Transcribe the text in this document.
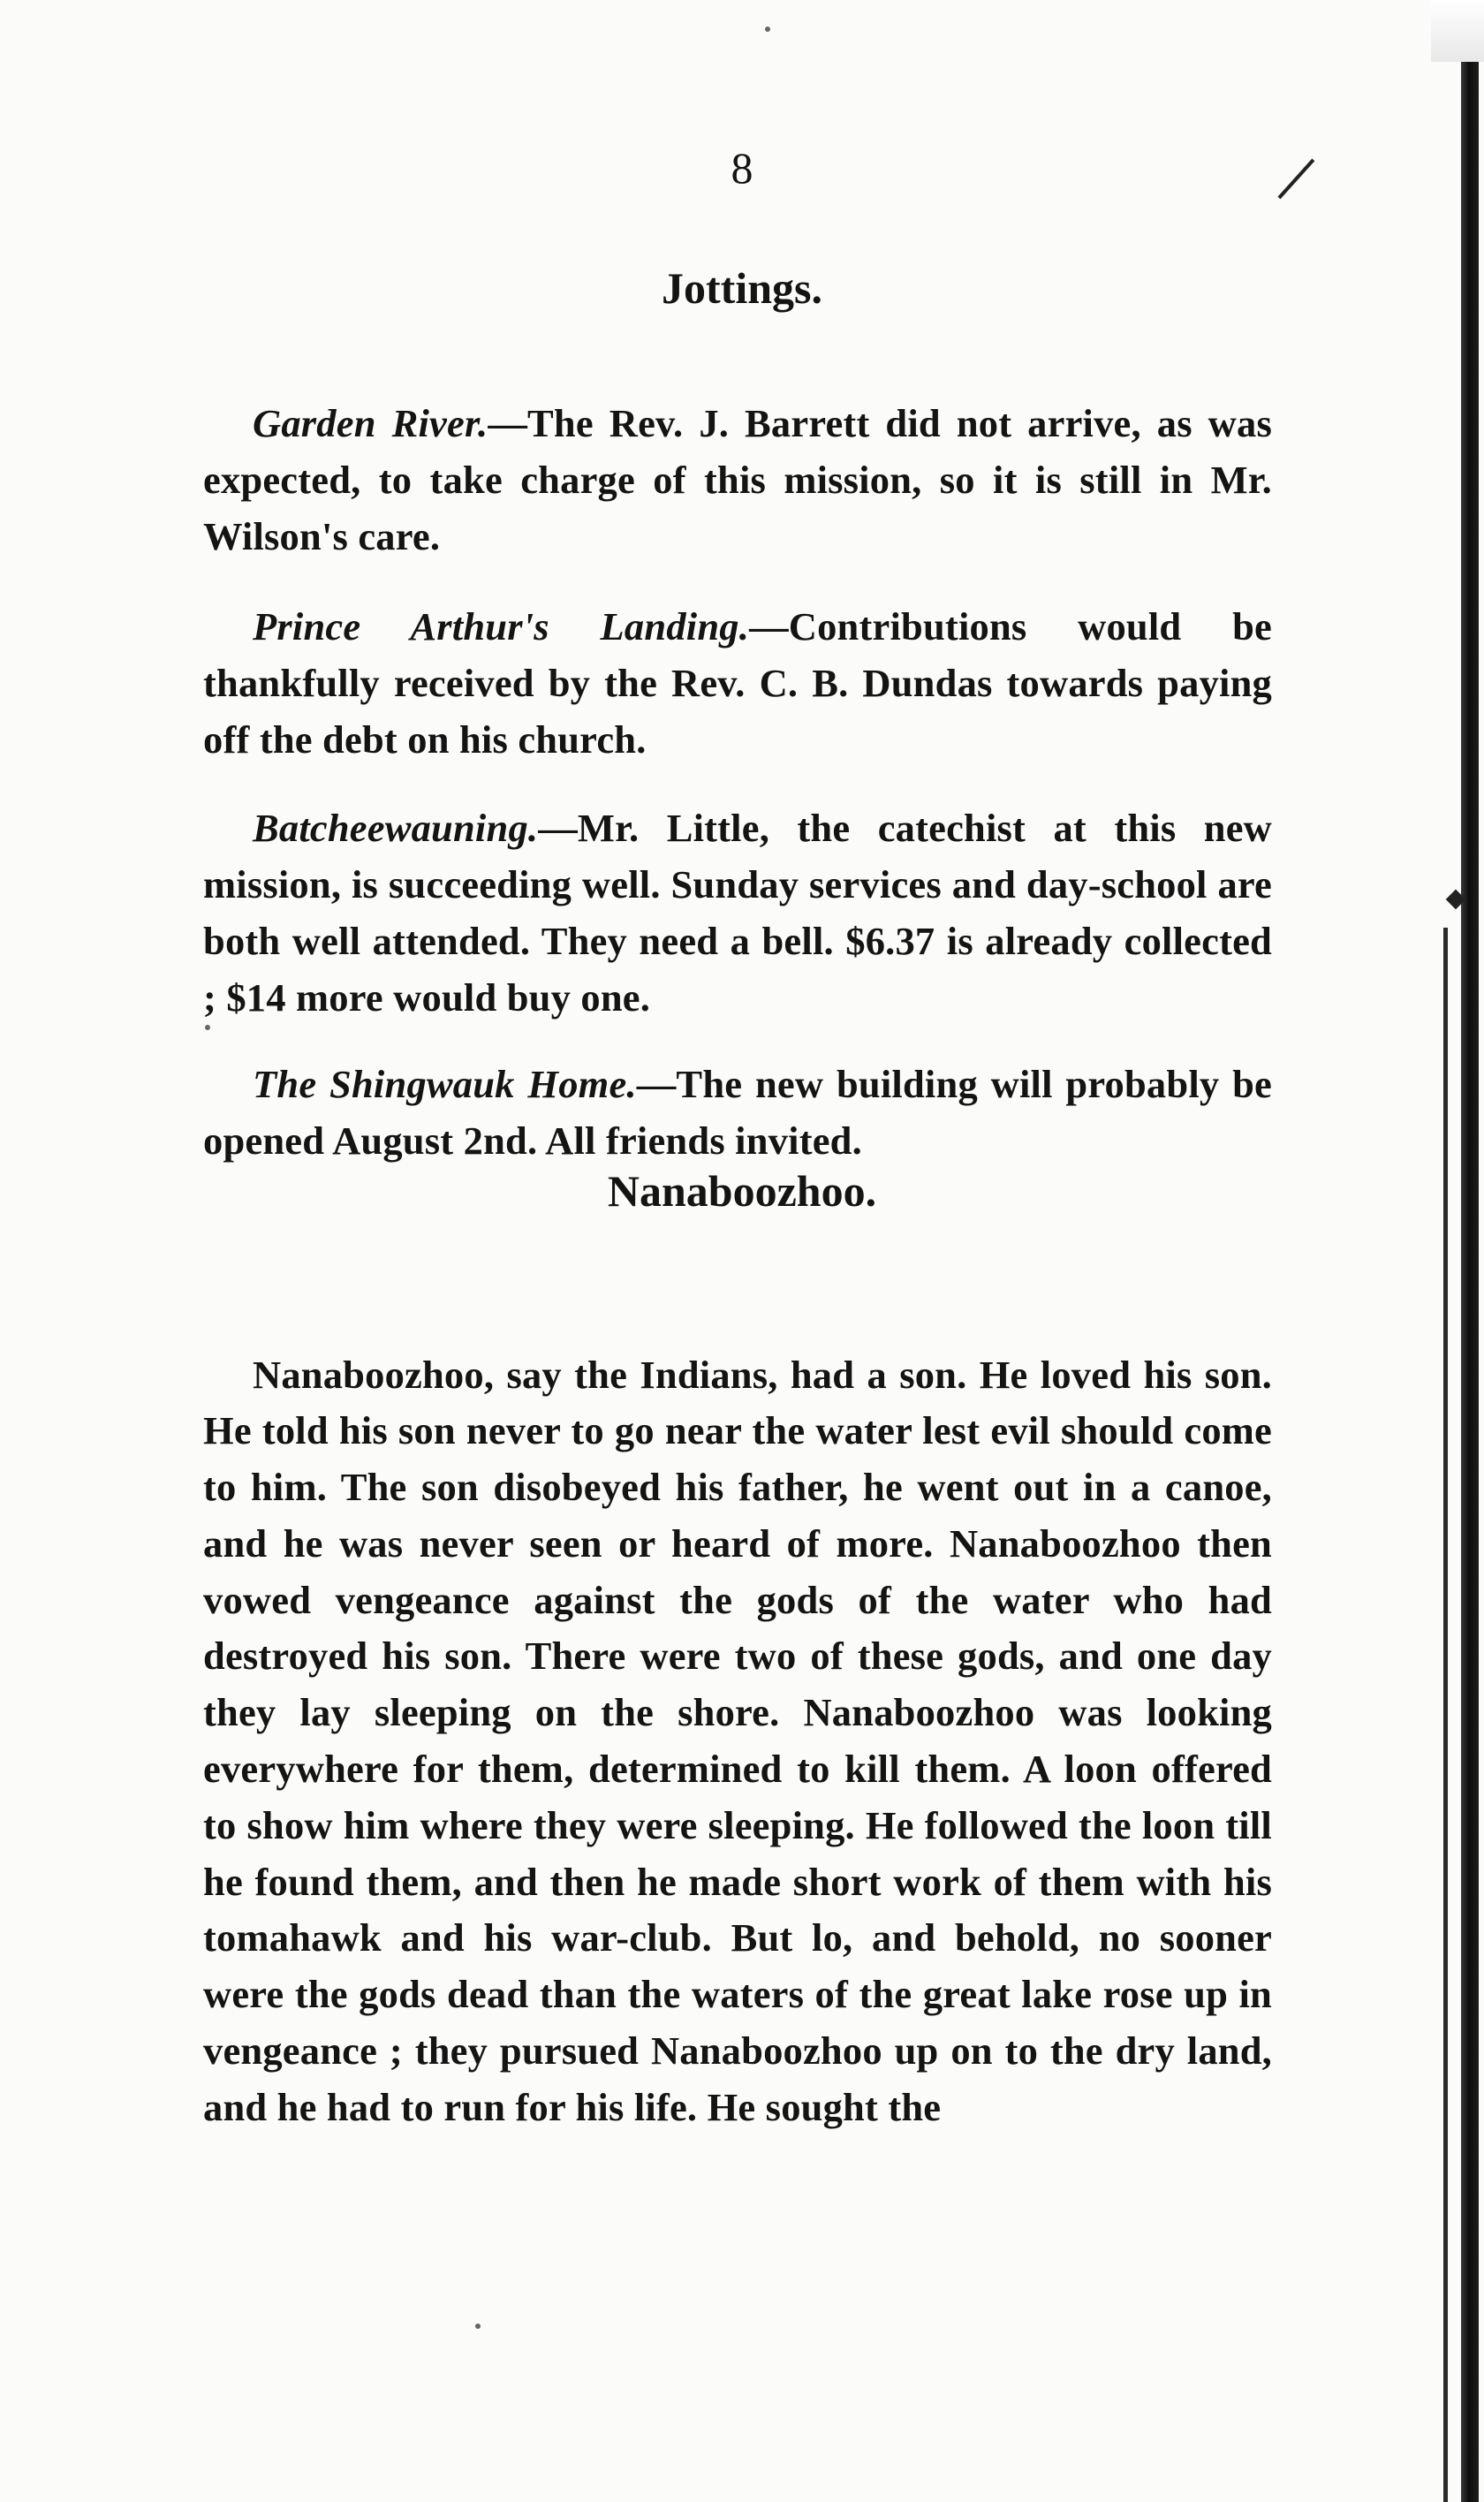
8
Jottings.

Garden River.—The Rev. J. Barrett did not arrive, as was expected, to take charge of this mission, so it is still in Mr. Wilson's care.

Prince Arthur's Landing.—Contributions would be thankfully received by the Rev. C. B. Dundas towards paying off the debt on his church.

Batcheewauning.—Mr. Little, the catechist at this new mission, is succeeding well. Sunday services and day-school are both well attended. They need a bell. $6.37 is already collected ; $14 more would buy one.

The Shingwauk Home.—The new building will probably be opened August 2nd. All friends invited.

Nanaboozhoo.

Nanaboozhoo, say the Indians, had a son. He loved his son. He told his son never to go near the water lest evil should come to him. The son disobeyed his father, he went out in a canoe, and he was never seen or heard of more. Nanaboozhoo then vowed vengeance against the gods of the water who had destroyed his son. There were two of these gods, and one day they lay sleeping on the shore. Nanaboozhoo was looking everywhere for them, determined to kill them. A loon offered to show him where they were sleeping. He followed the loon till he found them, and then he made short work of them with his tomahawk and his war-club. But lo, and behold, no sooner were the gods dead than the waters of the great lake rose up in vengeance ; they pursued Nanaboozhoo up on to the dry land, and he had to run for his life. He sought the
